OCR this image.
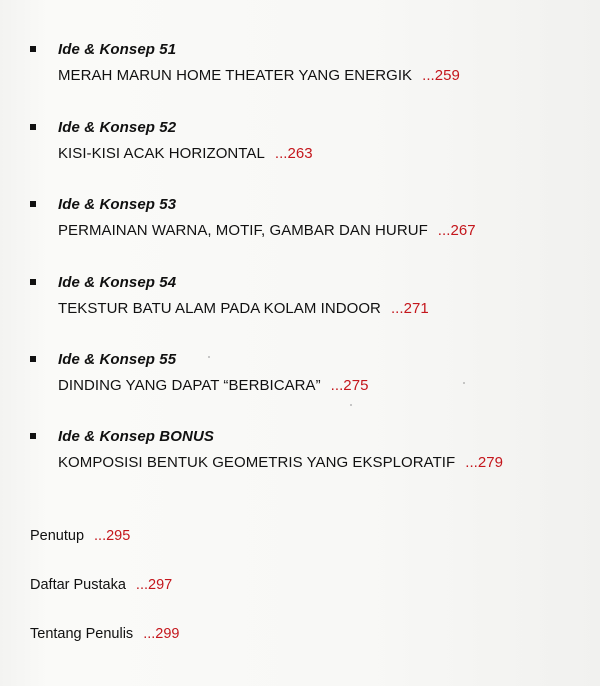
Ide & Konsep 51
MERAH MARUN HOME THEATER YANG ENERGIK ...259
Ide & Konsep 52
KISI-KISI ACAK HORIZONTAL ...263
Ide & Konsep 53
PERMAINAN WARNA, MOTIF, GAMBAR DAN HURUF ...267
Ide & Konsep 54
TEKSTUR BATU ALAM PADA KOLAM INDOOR ...271
Ide & Konsep 55
DINDING YANG DAPAT “BERBICARA” ...275
Ide & Konsep BONUS
KOMPOSISI BENTUK GEOMETRIS YANG EKSPLORATIF ...279
Penutup ...295
Daftar Pustaka ...297
Tentang Penulis ...299
